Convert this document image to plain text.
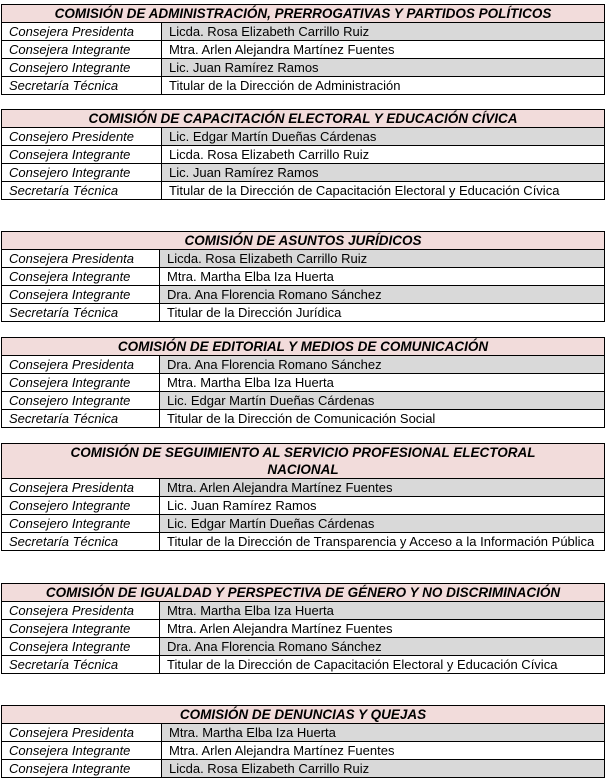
COMISIÓN DE ADMINISTRACIÓN, PRERROGATIVAS Y PARTIDOS POLÍTICOS	
Consejera Presidenta	Licda. Rosa Elizabeth Carrillo Ruiz
Consejera Integrante	Mtra. Arlen Alejandra Martínez Fuentes
Consejero Integrante	Lic. Juan Ramírez Ramos
Secretaría Técnica	Titular de la Dirección de Administración
COMISIÓN DE CAPACITACIÓN ELECTORAL Y EDUCACIÓN CÍVICA	
Consejero Presidente	Lic. Edgar Martín Dueñas Cárdenas
Consejera Integrante	Licda. Rosa Elizabeth Carrillo Ruiz
Consejero Integrante	Lic. Juan Ramírez Ramos
Secretaría Técnica	Titular de la Dirección de Capacitación Electoral y Educación Cívica
COMISIÓN DE ASUNTOS JURÍDICOS	
Consejera Presidenta	Licda. Rosa Elizabeth Carrillo Ruiz
Consejera Integrante	Mtra. Martha Elba Iza Huerta
Consejera Integrante	Dra. Ana Florencia Romano Sánchez
Secretaría Técnica	Titular de la Dirección Jurídica
COMISIÓN DE EDITORIAL Y MEDIOS DE COMUNICACIÓN	
Consejera Presidenta	Dra. Ana Florencia Romano Sánchez
Consejera Integrante	Mtra. Martha Elba Iza Huerta
Consejero Integrante	Lic. Edgar Martín Dueñas Cárdenas
Secretaría Técnica	Titular de la Dirección de Comunicación Social
COMISIÓN DE SEGUIMIENTO AL SERVICIO PROFESIONAL ELECTORAL NACIONAL	
Consejera Presidenta	Mtra. Arlen Alejandra Martínez Fuentes
Consejero Integrante	Lic. Juan Ramírez Ramos
Consejero Integrante	Lic. Edgar Martín Dueñas Cárdenas
Secretaría Técnica	Titular de la Dirección de Transparencia y Acceso a la Información Pública
COMISIÓN DE IGUALDAD Y PERSPECTIVA DE GÉNERO Y NO DISCRIMINACIÓN	
Consejera Presidenta	Mtra. Martha Elba Iza Huerta
Consejera Integrante	Mtra. Arlen Alejandra Martínez Fuentes
Consejera Integrante	Dra. Ana Florencia Romano Sánchez
Secretaría Técnica	Titular de la Dirección de Capacitación Electoral y Educación Cívica
COMISIÓN DE DENUNCIAS Y QUEJAS	
Consejera Presidenta	Mtra. Martha Elba Iza Huerta
Consejera Integrante	Mtra. Arlen Alejandra Martínez Fuentes
Consejera Integrante	Licda. Rosa Elizabeth Carrillo Ruiz
